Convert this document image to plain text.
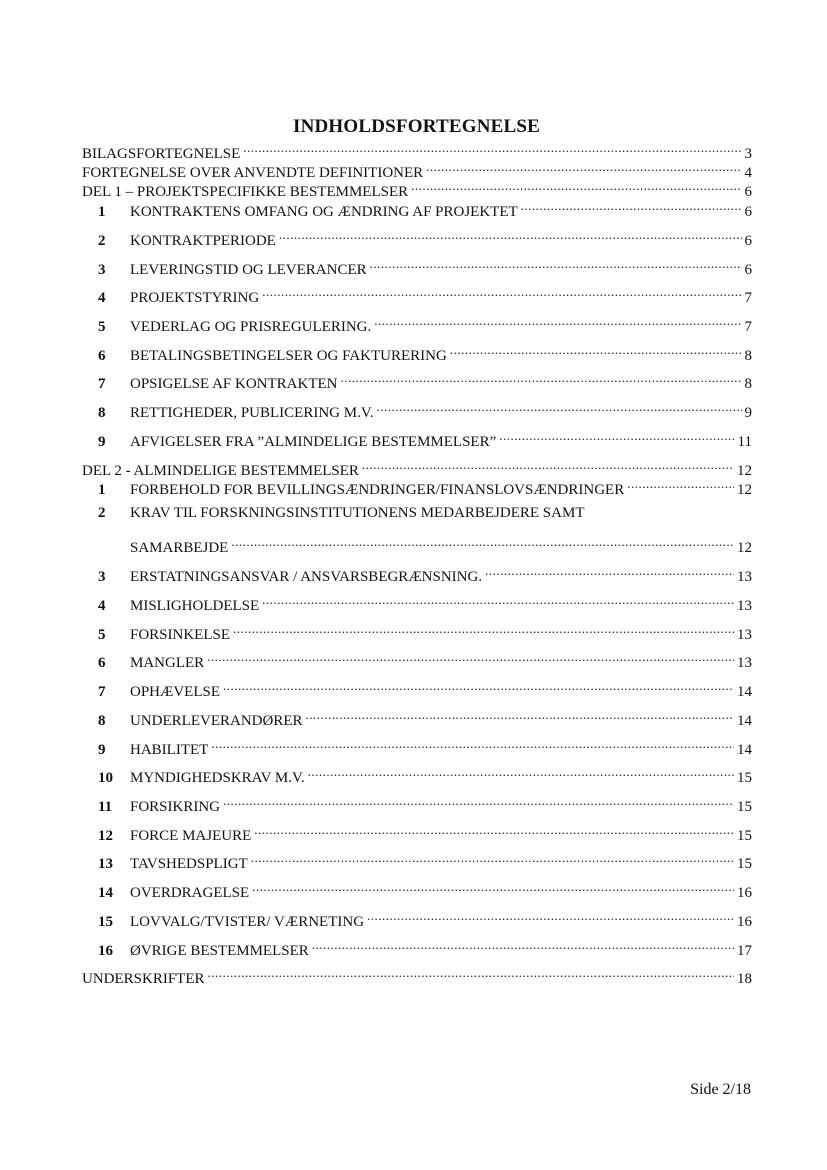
INDHOLDSFORTEGNELSE
BILAGSFORTEGNELSE .....	3
FORTEGNELSE OVER ANVENDTE DEFINITIONER .....	4
DEL 1 – PROJEKTSPECIFIKKE BESTEMMELSER .....	6
1	KONTRAKTENS OMFANG OG ÆNDRING AF PROJEKTET .....	6
2	KONTRAKTPERIODE .....	6
3	LEVERINGSTID OG LEVERANCER .....	6
4	PROJEKTSTYRING .....	7
5	VEDERLAG OG PRISREGULERING. .....	7
6	BETALINGSBETINGELSER OG FAKTURERING .....	8
7	OPSIGELSE AF KONTRAKTEN .....	8
8	RETTIGHEDER, PUBLICERING M.V. .....	9
9	AFVIGELSER FRA ”ALMINDELIGE BESTEMMELSER” .....	11
DEL 2 - ALMINDELIGE BESTEMMELSER .....	12
1	FORBEHOLD FOR BEVILLINGSÆNDRINGER/FINANSLOVSÆNDRINGER .....	12
2	KRAV TIL FORSKNINGSINSTITUTIONENS MEDARBEJDERE SAMT
SAMARBEJDE .....	12
3	ERSTATNINGSANSVAR / ANSVARSBEGRÆNSNING. .....	13
4	MISLIGHOLDELSE .....	13
5	FORSINKELSE .....	13
6	MANGLER .....	13
7	OPHÆVELSE .....	14
8	UNDERLEVERANDØRER .....	14
9	HABILITET .....	14
10	MYNDIGHEDSKRAV M.V. .....	15
11	FORSIKRING .....	15
12	FORCE MAJEURE .....	15
13	TAVSHEDSPLIGT .....	15
14	OVERDRAGELSE .....	16
15	LOVVALG/TVISTER/ VÆRNETING .....	16
16	ØVRIGE BESTEMMELSER .....	17
UNDERSKRIFTER .....	18
Side 2/18
